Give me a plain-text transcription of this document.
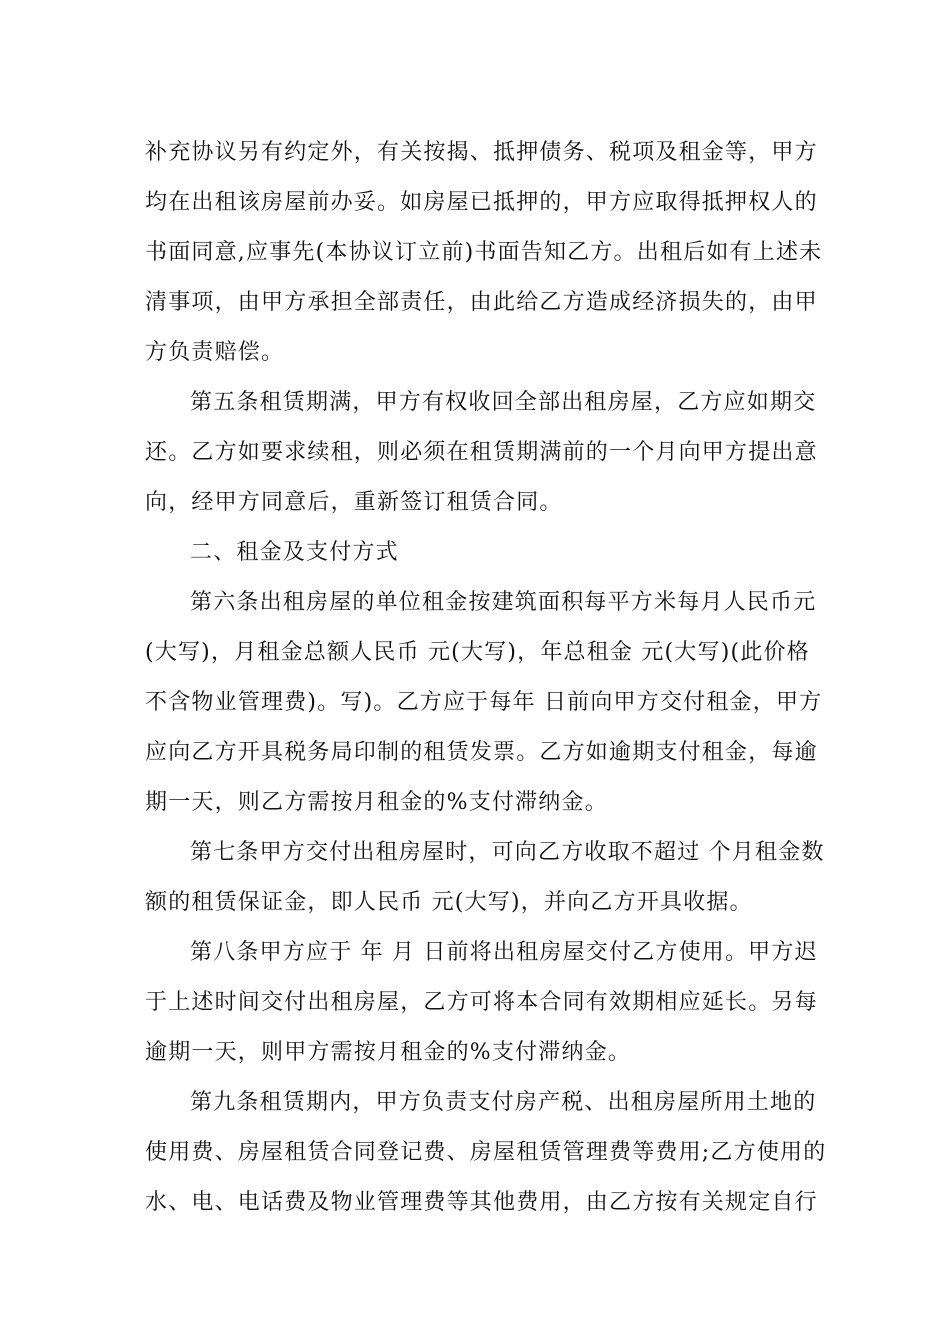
补充协议另有约定外，有关按揭、抵押债务、税项及租金等，甲方

均在出租该房屋前办妥。如房屋已抵押的，甲方应取得抵押权人的

书面同意,应事先(本协议订立前)书面告知乙方。出租后如有上述未

清事项，由甲方承担全部责任，由此给乙方造成经济损失的，由甲

方负责赔偿。

第五条租赁期满，甲方有权收回全部出租房屋，乙方应如期交

还。乙方如要求续租，则必须在租赁期满前的一个月向甲方提出意

向，经甲方同意后，重新签订租赁合同。

二、租金及支付方式

第六条出租房屋的单位租金按建筑面积每平方米每月人民币元

(大写)，月租金总额人民币 元(大写)，年总租金 元(大写)(此价格

不含物业管理费)。写)。乙方应于每年 日前向甲方交付租金，甲方

应向乙方开具税务局印制的租赁发票。乙方如逾期支付租金，每逾

期一天，则乙方需按月租金的%支付滞纳金。

第七条甲方交付出租房屋时，可向乙方收取不超过 个月租金数

额的租赁保证金，即人民币 元(大写)，并向乙方开具收据。

第八条甲方应于 年 月 日前将出租房屋交付乙方使用。甲方迟

于上述时间交付出租房屋，乙方可将本合同有效期相应延长。另每

逾期一天，则甲方需按月租金的%支付滞纳金。

第九条租赁期内，甲方负责支付房产税、出租房屋所用土地的

使用费、房屋租赁合同登记费、房屋租赁管理费等费用;乙方使用的

水、电、电话费及物业管理费等其他费用，由乙方按有关规定自行
